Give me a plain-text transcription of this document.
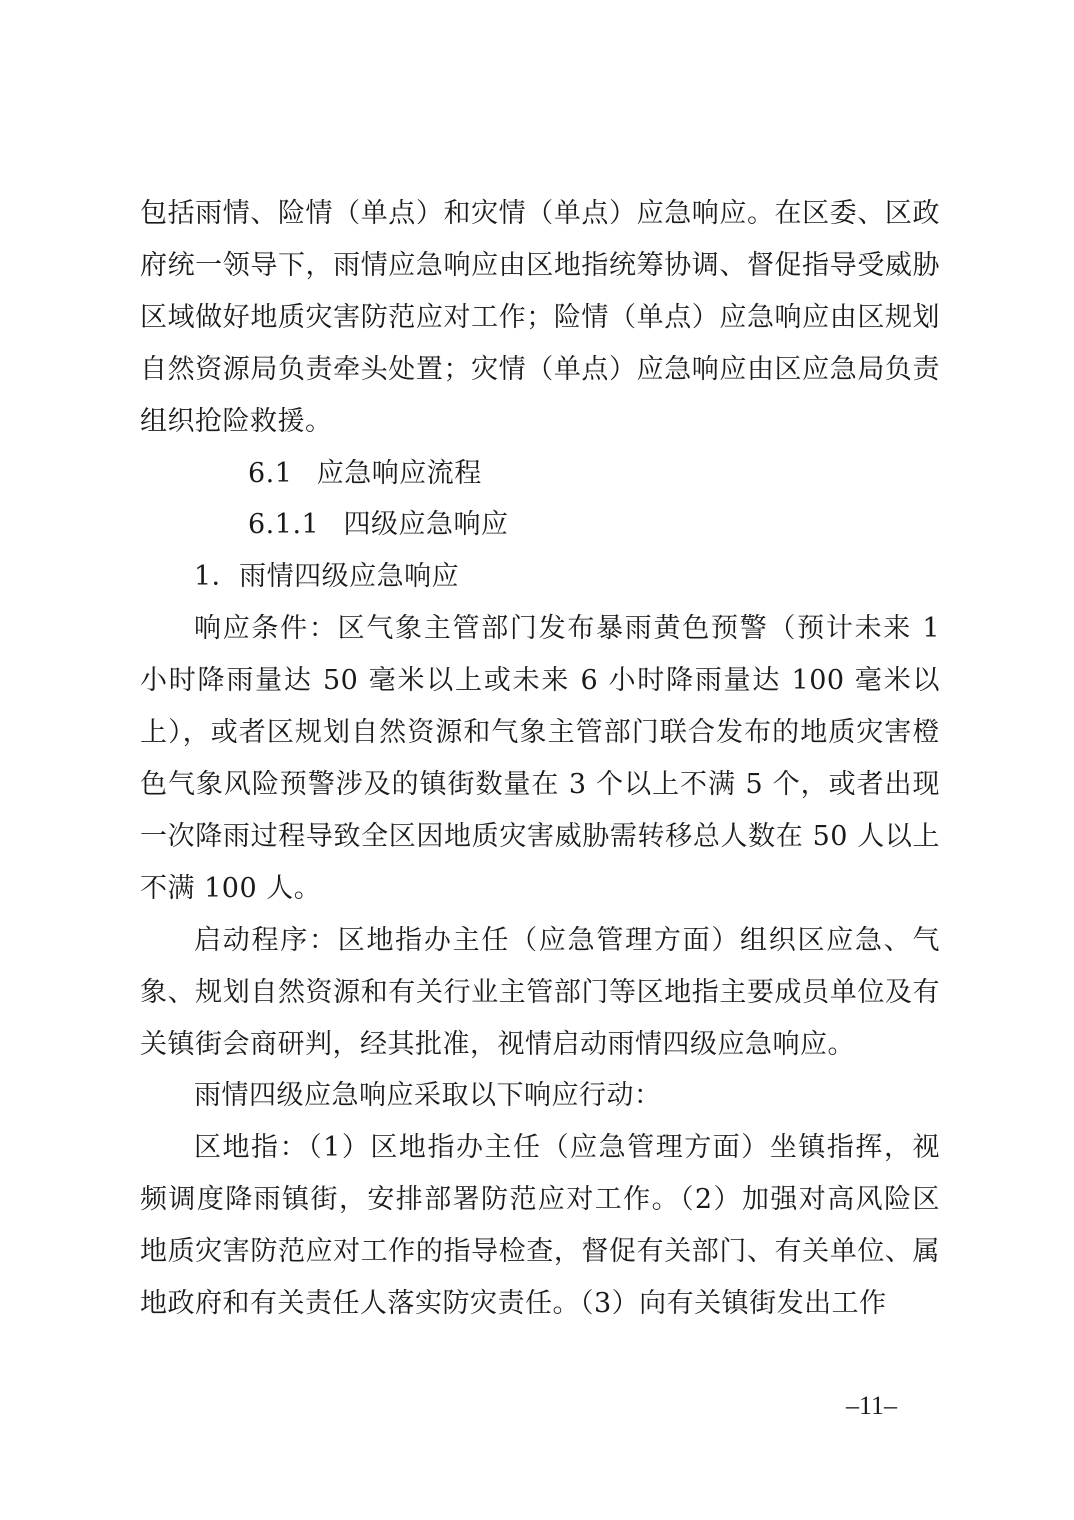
包括雨情、险情（单点）和灾情（单点）应急响应。在区委、区政府统一领导下，雨情应急响应由区地指统筹协调、督促指导受威胁区域做好地质灾害防范应对工作；险情（单点）应急响应由区规划自然资源局负责牵头处置；灾情（单点）应急响应由区应急局负责组织抢险救援。

6.1 应急响应流程

6.1.1 四级应急响应

1．雨情四级应急响应

响应条件：区气象主管部门发布暴雨黄色预警（预计未来 1 小时降雨量达 50 毫米以上或未来 6 小时降雨量达 100 毫米以上），或者区规划自然资源和气象主管部门联合发布的地质灾害橙色气象风险预警涉及的镇街数量在 3 个以上不满 5 个，或者出现一次降雨过程导致全区因地质灾害威胁需转移总人数在 50 人以上不满 100 人。

启动程序：区地指办主任（应急管理方面）组织区应急、气象、规划自然资源和有关行业主管部门等区地指主要成员单位及有关镇街会商研判，经其批准，视情启动雨情四级应急响应。

雨情四级应急响应采取以下响应行动：

区地指：（1）区地指办主任（应急管理方面）坐镇指挥，视频调度降雨镇街，安排部署防范应对工作。（2）加强对高风险区地质灾害防范应对工作的指导检查，督促有关部门、有关单位、属地政府和有关责任人落实防灾责任。（3）向有关镇街发出工作

–11–
